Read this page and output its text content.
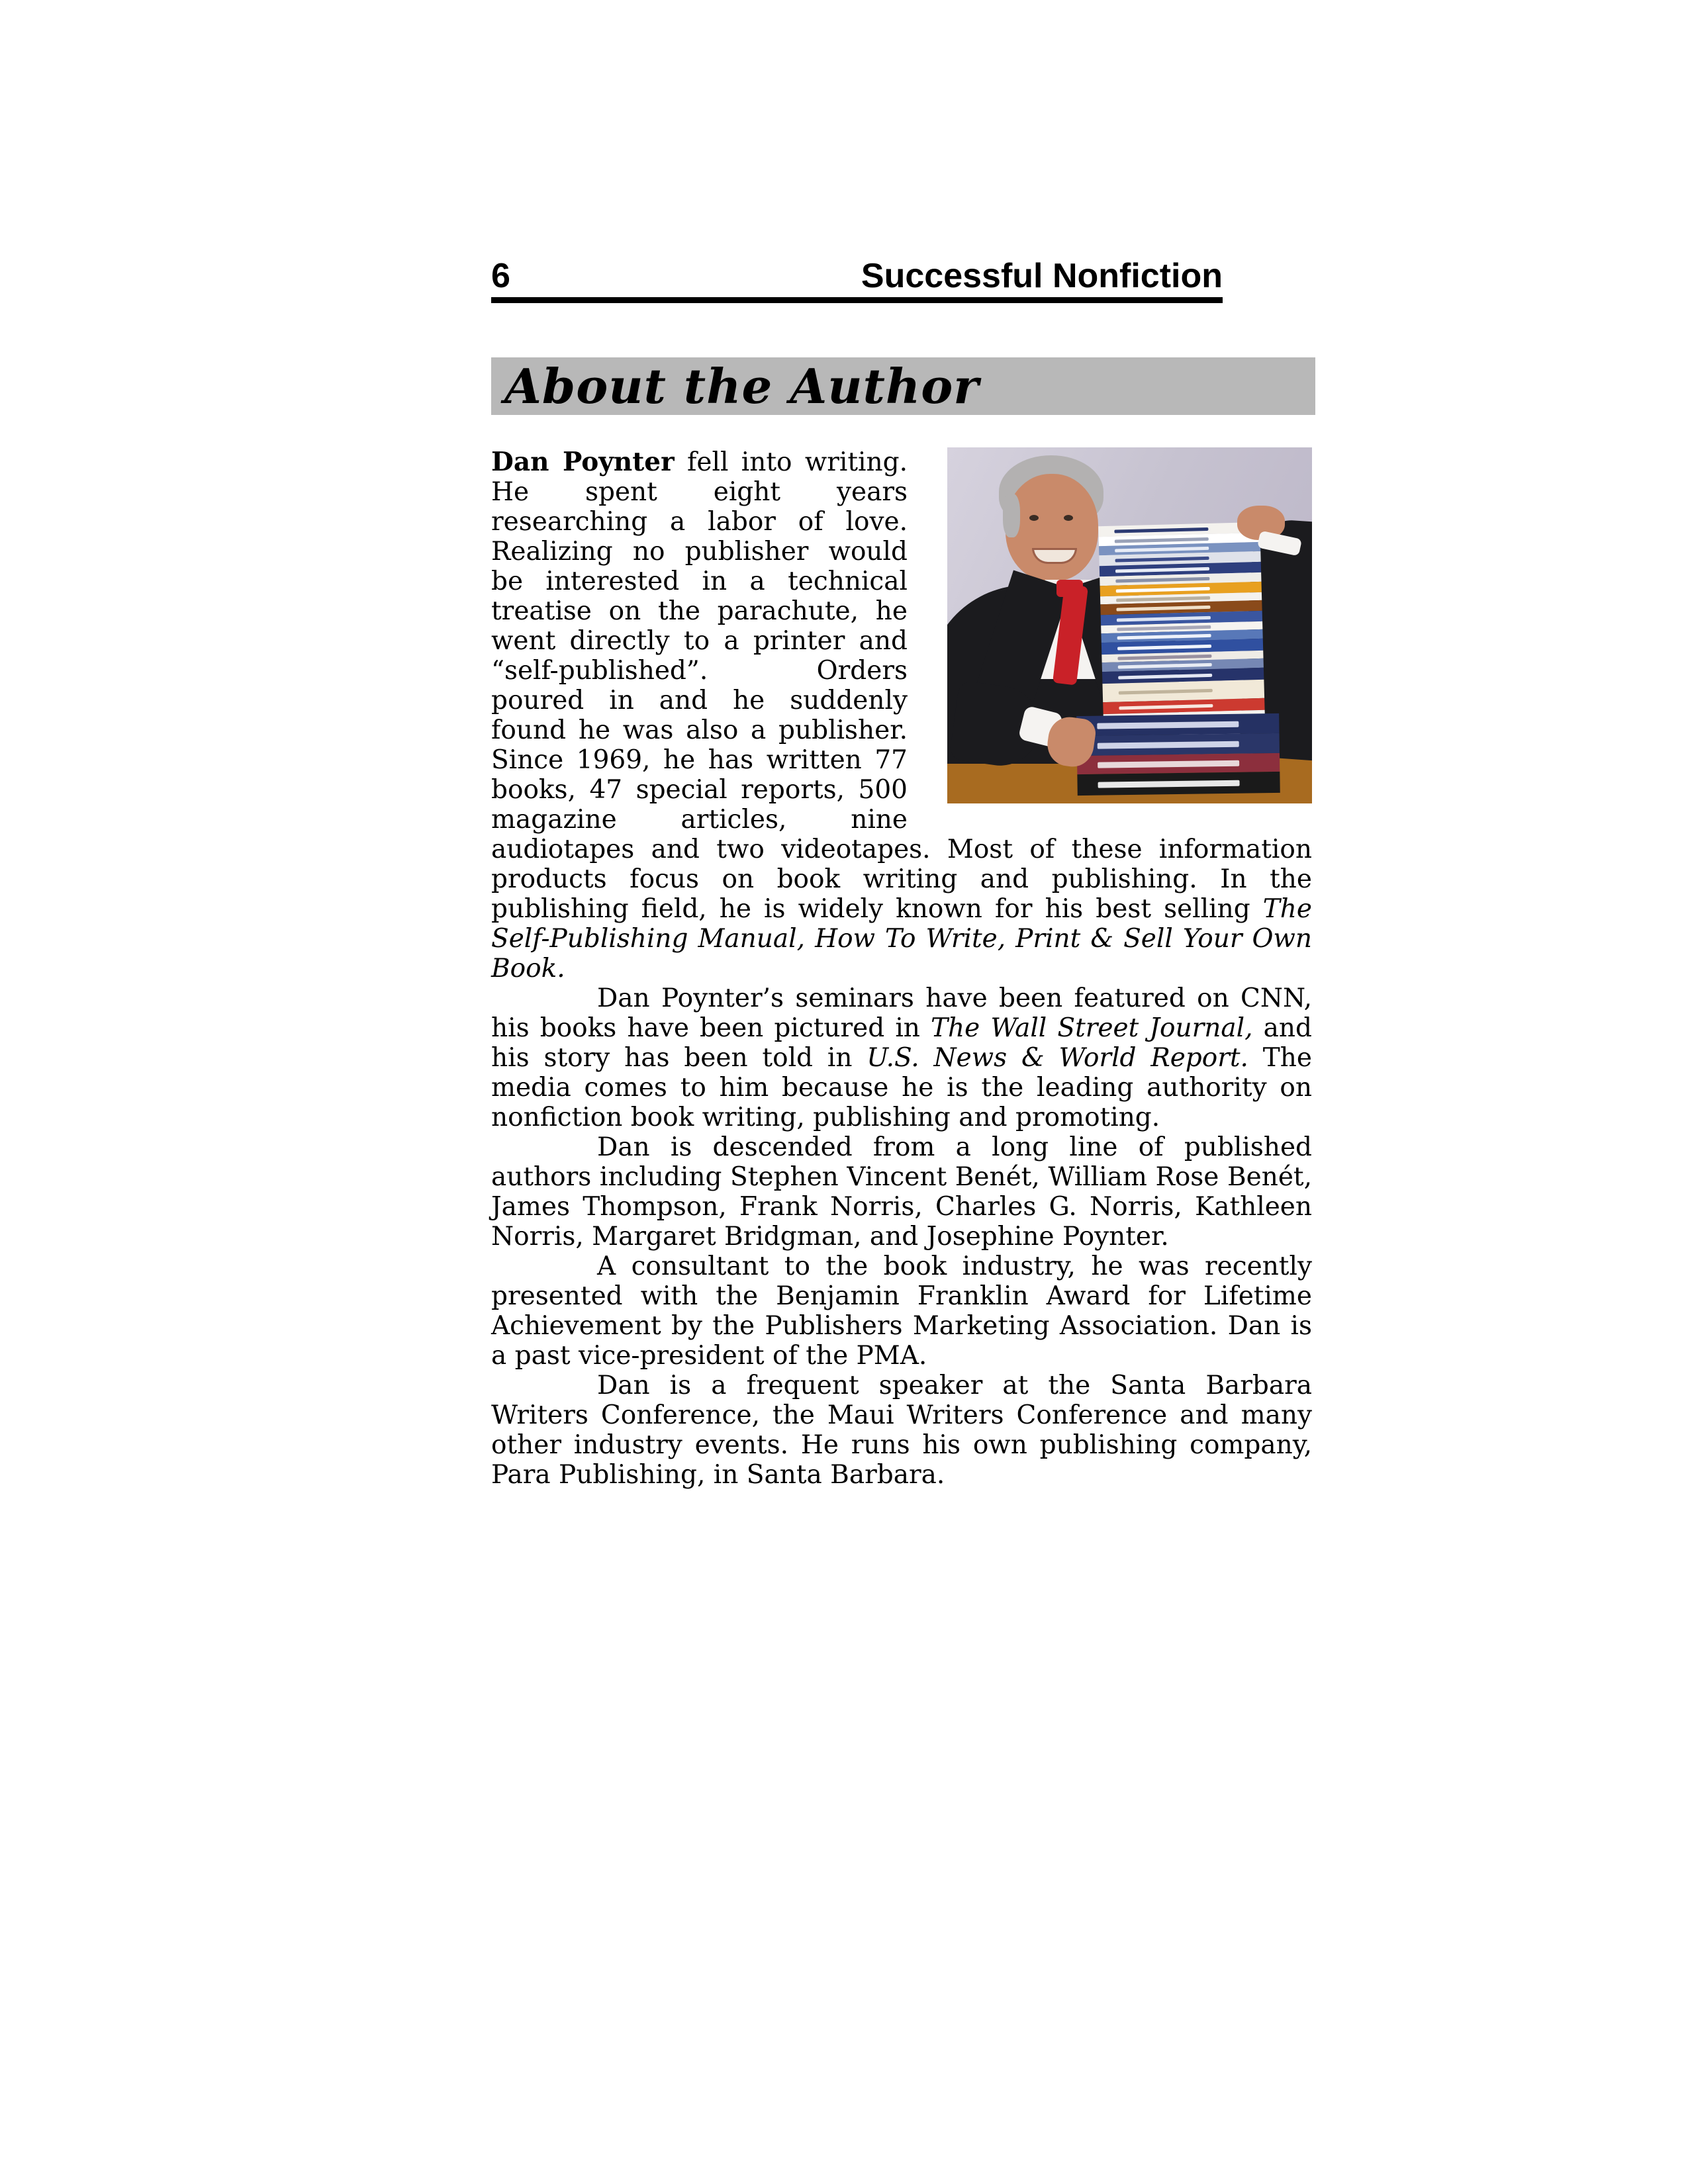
6	Successful Nonfiction
About the Author

Dan Poynter fell into writing. He spent eight years researching a labor of love. Realizing no publisher would be interested in a technical treatise on the parachute, he went directly to a printer and “self-published”. Orders poured in and he suddenly found he was also a publisher. Since 1969, he has written 77 books, 47 special reports, 500 magazine articles, nine audiotapes and two videotapes. Most of these information products focus on book writing and publishing. In the publishing field, he is widely known for his best selling The Self-Publishing Manual, How To Write, Print & Sell Your Own Book.

Dan Poynter’s seminars have been featured on CNN, his books have been pictured in The Wall Street Journal, and his story has been told in U.S. News & World Report. The media comes to him because he is the leading authority on nonfiction book writing, publishing and promoting.

Dan is descended from a long line of published authors including Stephen Vincent Benét, William Rose Benét, James Thompson, Frank Norris, Charles G. Norris, Kathleen Norris, Margaret Bridgman, and Josephine Poynter.

A consultant to the book industry, he was recently presented with the Benjamin Franklin Award for Lifetime Achievement by the Publishers Marketing Association. Dan is a past vice-president of the PMA.

Dan is a frequent speaker at the Santa Barbara Writers Conference, the Maui Writers Conference and many other industry events. He runs his own publishing company, Para Publishing, in Santa Barbara.
